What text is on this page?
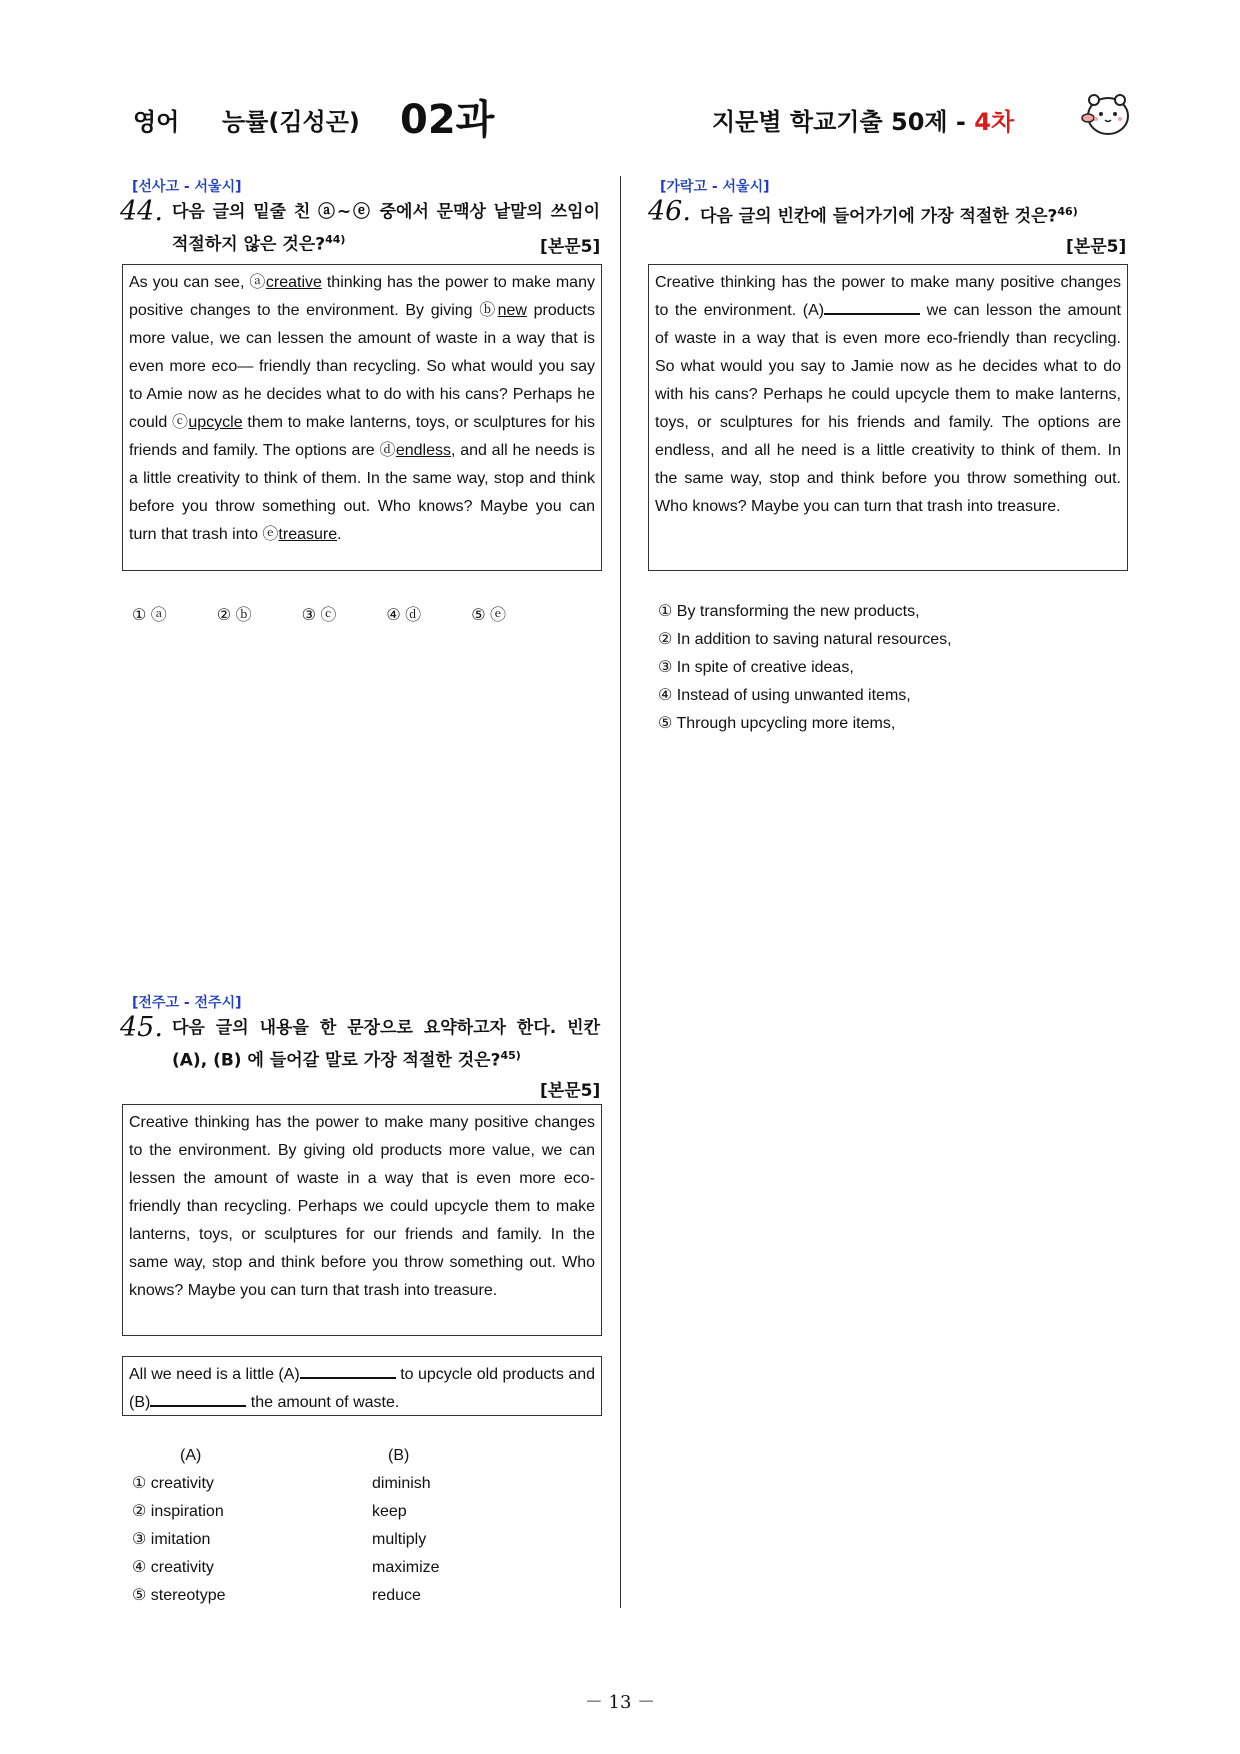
영어 능률(김성곤) 02과	지문별 학교기출 50제 - 4차
[선사고 - 서울시]
44. 다음 글의 밑줄 친 ⓐ~ⓔ 중에서 문맥상 낱말의 쓰임이 적절하지 않은 것은?$^{44)}$	[본문5]
As you can see, ⓐcreative thinking has the power to make many positive changes to the environment. By giving ⓑnew products more value, we can lessen the amount of waste in a way that is even more eco— friendly than recycling. So what would you say to Amie now as he decides what to do with his cans? Perhaps he could ⓒupcycle them to make lanterns, toys, or sculptures for his friends and family. The options are ⓓendless, and all he needs is a little creativity to think of them. In the same way, stop and think before you throw something out. Who knows? Maybe you can turn that trash into ⓔtreasure.
① ⓐ	② ⓑ	③ ⓒ	④ ⓓ	⑤ ⓔ
[전주고 - 전주시]
45. 다음 글의 내용을 한 문장으로 요약하고자 한다. 빈칸 (A), (B) 에 들어갈 말로 가장 적절한 것은?$^{45)}$
[본문5]
Creative thinking has the power to make many positive changes to the environment. By giving old products more value, we can lessen the amount of waste in a way that is even more eco-friendly than recycling. Perhaps we could upcycle them to make lanterns, toys, or sculptures for our friends and family. In the same way, stop and think before you throw something out. Who knows? Maybe you can turn that trash into treasure.
All we need is a little (A)	to upcycle old products and (B)	the amount of waste.
(A)	(B)
① creativity	diminish
② inspiration	keep
③ imitation	multiply
④ creativity	maximize
⑤ stereotype	reduce
[가락고 - 서울시]
46. 다음 글의 빈칸에 들어가기에 가장 적절한 것은?$^{46)}$
[본문5]
Creative thinking has the power to make many positive changes to the environment. (A)	we can lesson the amount of waste in a way that is even more eco-friendly than recycling. So what would you say to Jamie now as he decides what to do with his cans? Perhaps he could upcycle them to make lanterns, toys, or sculptures for his friends and family. The options are endless, and all he need is a little creativity to think of them. In the same way, stop and think before you throw something out. Who knows? Maybe you can turn that trash into treasure.
① By transforming the new products,
② In addition to saving natural resources,
③ In spite of creative ideas,
④ Instead of using unwanted items,
⑤ Through upcycling more items,
－ 13 －
